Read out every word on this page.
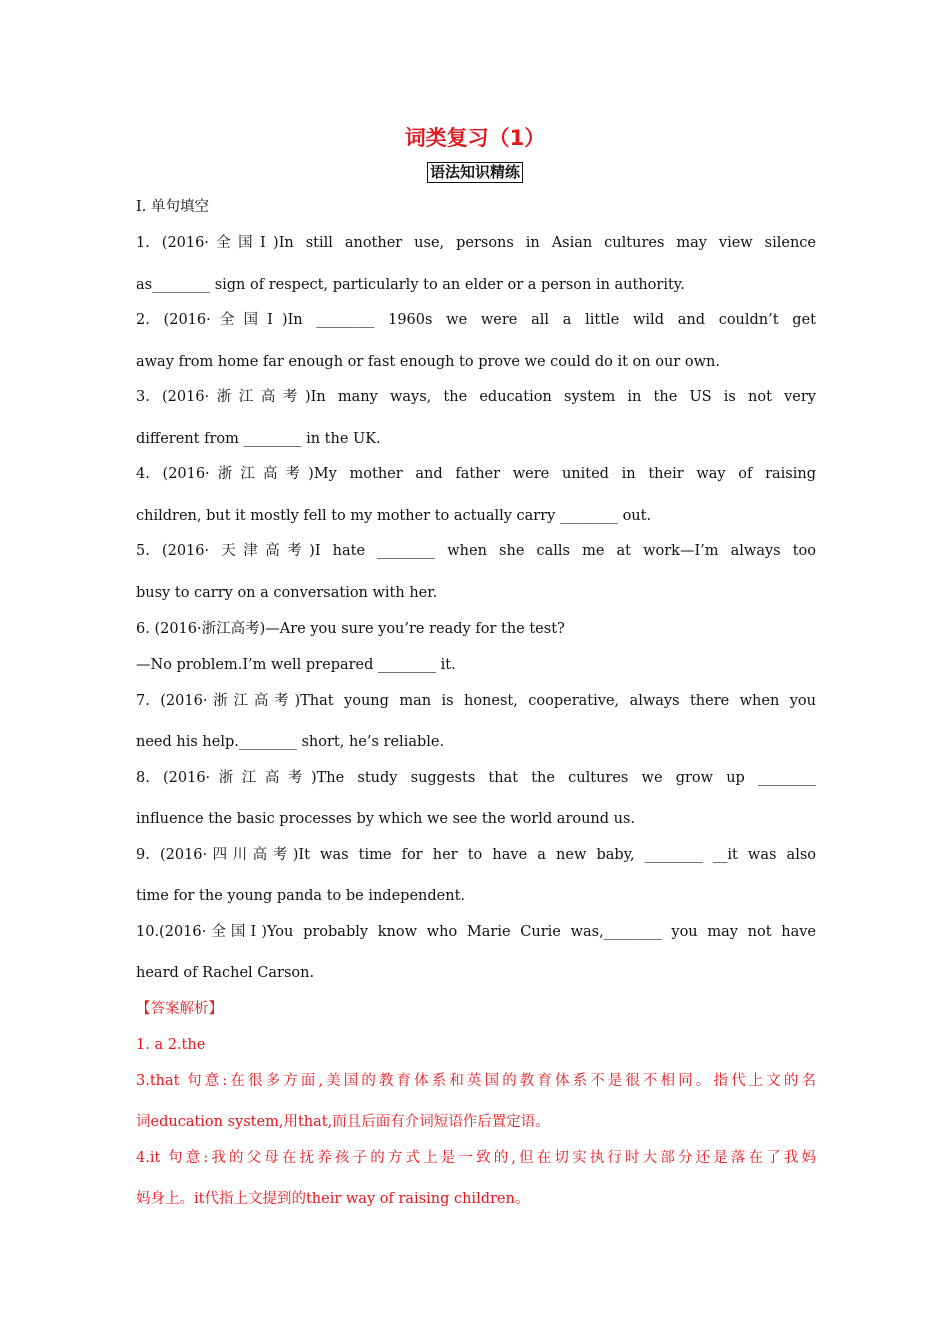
词类复习（1）
语法知识精练
I. 单句填空
1. (2016·全国Ⅰ)In still another use, persons in Asian cultures may view silence
as________ sign of respect, particularly to an elder or a person in authority.
2. (2016·全国Ⅰ)In ________ 1960s we were all a little wild and couldn’t get
away from home far enough or fast enough to prove we could do it on our own.
3. (2016·浙江高考)In many ways, the education system in the US is not very
different from ________ in the UK.
4. (2016·浙江高考)My mother and father were united in their way of raising
children, but it mostly fell to my mother to actually carry ________ out.
5. (2016· 天津高考)I hate ________ when she calls me at work—I’m always too
busy to carry on a conversation with her.
6. (2016·浙江高考)—Are you sure you’re ready for the test?
—No problem.I’m well prepared ________ it.
7. (2016·浙江高考)That young man is honest, cooperative, always there when you
need his help.________ short, he’s reliable.
8. (2016·浙江高考)The study suggests that the cultures we grow up ________
influence the basic processes by which we see the world around us.
9. (2016·四川高考)It was time for her to have a new baby, ________ __it was also
time for the young panda to be independent.
10.(2016·全国Ⅰ)You probably know who Marie Curie was,________ you may not have
heard of Rachel Carson.
【答案解析】
1. a 2.the
3.that 句意:在很多方面,美国的教育体系和英国的教育体系不是很不相同。指代上文的名
词education system,用that,而且后面有介词短语作后置定语。
4.it 句意:我的父母在抚养孩子的方式上是一致的,但在切实执行时大部分还是落在了我妈
妈身上。it代指上文提到的their way of raising children。
